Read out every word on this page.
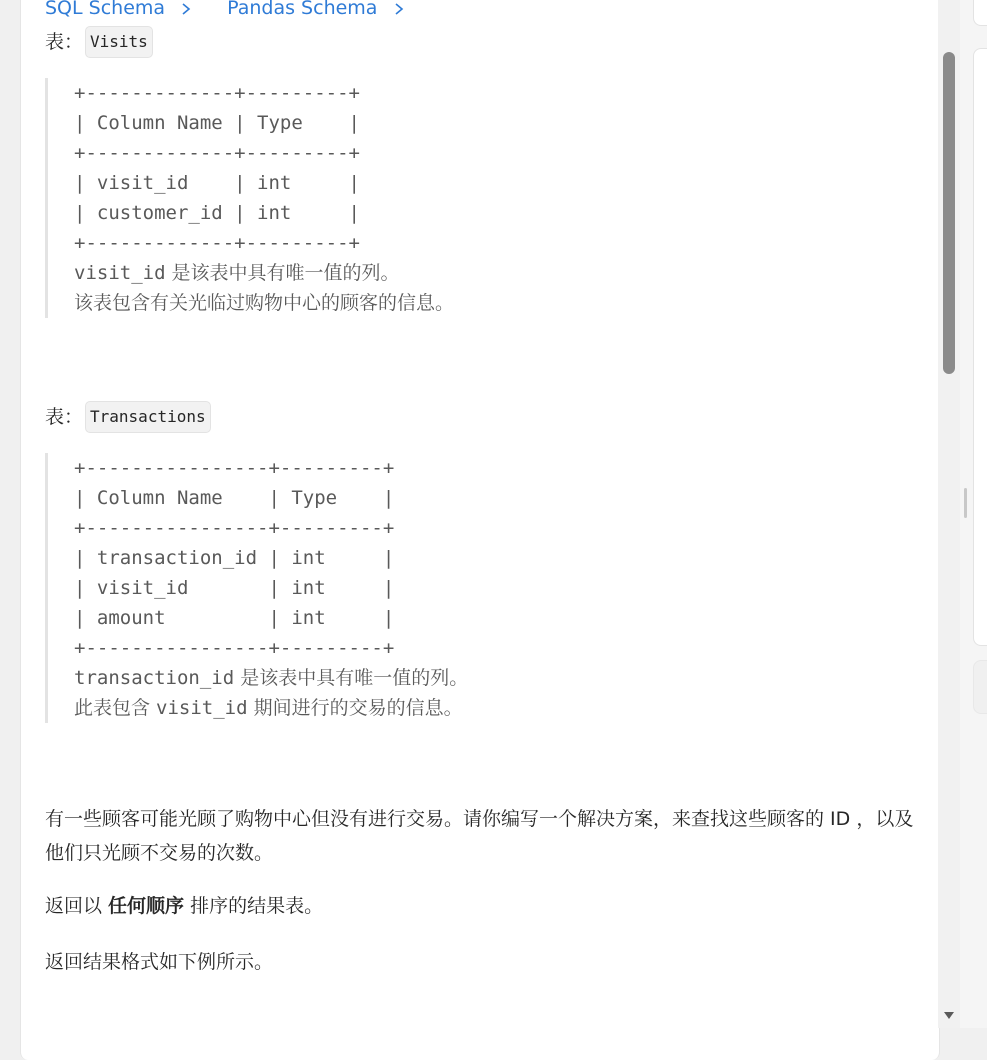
SQL Schema	Pandas Schema
表： Visits
+-------------+---------+
| Column Name | Type    |
+-------------+---------+
| visit_id    | int     |
| customer_id | int     |
+-------------+---------+
visit_id 是该表中具有唯一值的列。
该表包含有关光临过购物中心的顾客的信息。
表： Transactions
+----------------+---------+
| Column Name    | Type    |
+----------------+---------+
| transaction_id | int     |
| visit_id       | int     |
| amount         | int     |
+----------------+---------+
transaction_id 是该表中具有唯一值的列。
此表包含 visit_id 期间进行的交易的信息。
有一些顾客可能光顾了购物中心但没有进行交易。请你编写一个解决方案，来查找这些顾客的 ID ，以及他们只光顾不交易的次数。
返回以 任何顺序 排序的结果表。
返回结果格式如下例所示。
